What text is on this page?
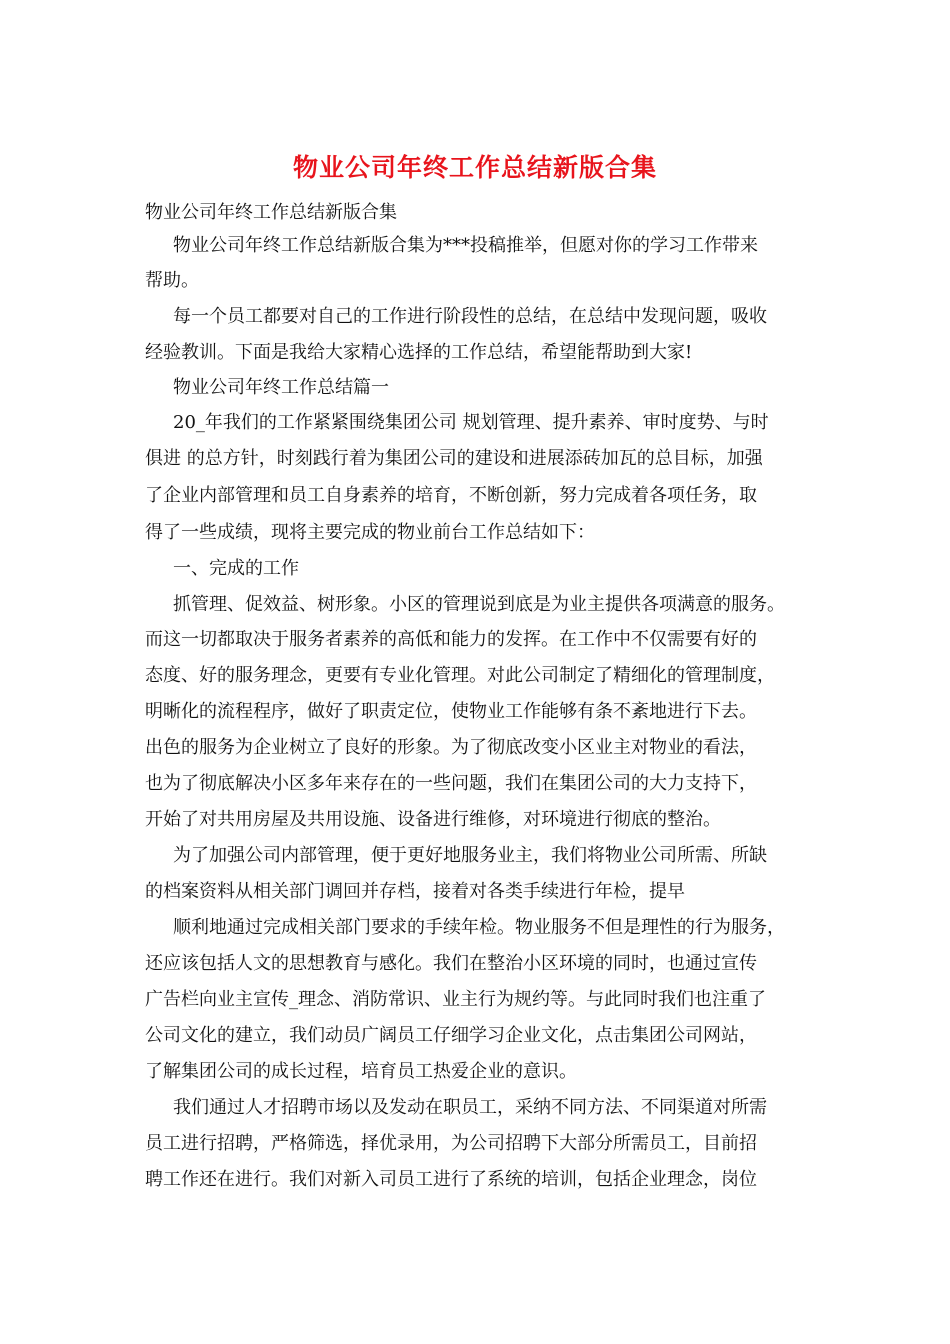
物业公司年终工作总结新版合集
物业公司年终工作总结新版合集
物业公司年终工作总结新版合集为***投稿推举，但愿对你的学习工作带来
帮助。
每一个员工都要对自己的工作进行阶段性的总结，在总结中发现问题，吸收
经验教训。下面是我给大家精心选择的工作总结，希望能帮助到大家!
物业公司年终工作总结篇一
20_年我们的工作紧紧围绕集团公司 规划管理、提升素养、审时度势、与时
俱进 的总方针，时刻践行着为集团公司的建设和进展添砖加瓦的总目标，加强
了企业内部管理和员工自身素养的培育，不断创新，努力完成着各项任务，取
得了一些成绩，现将主要完成的物业前台工作总结如下：
一、完成的工作
抓管理、促效益、树形象。小区的管理说到底是为业主提供各项满意的服务。
而这一切都取决于服务者素养的高低和能力的发挥。在工作中不仅需要有好的
态度、好的服务理念，更要有专业化管理。对此公司制定了精细化的管理制度，
明晰化的流程程序，做好了职责定位，使物业工作能够有条不紊地进行下去。
出色的服务为企业树立了良好的形象。为了彻底改变小区业主对物业的看法，
也为了彻底解决小区多年来存在的一些问题，我们在集团公司的大力支持下，
开始了对共用房屋及共用设施、设备进行维修，对环境进行彻底的整治。
为了加强公司内部管理，便于更好地服务业主，我们将物业公司所需、所缺
的档案资料从相关部门调回并存档，接着对各类手续进行年检，提早
顺利地通过完成相关部门要求的手续年检。物业服务不但是理性的行为服务，
还应该包括人文的思想教育与感化。我们在整治小区环境的同时，也通过宣传
广告栏向业主宣传_理念、消防常识、业主行为规约等。与此同时我们也注重了
公司文化的建立，我们动员广阔员工仔细学习企业文化，点击集团公司网站，
了解集团公司的成长过程，培育员工热爱企业的意识。
我们通过人才招聘市场以及发动在职员工，采纳不同方法、不同渠道对所需
员工进行招聘，严格筛选，择优录用，为公司招聘下大部分所需员工，目前招
聘工作还在进行。我们对新入司员工进行了系统的培训，包括企业理念，岗位
